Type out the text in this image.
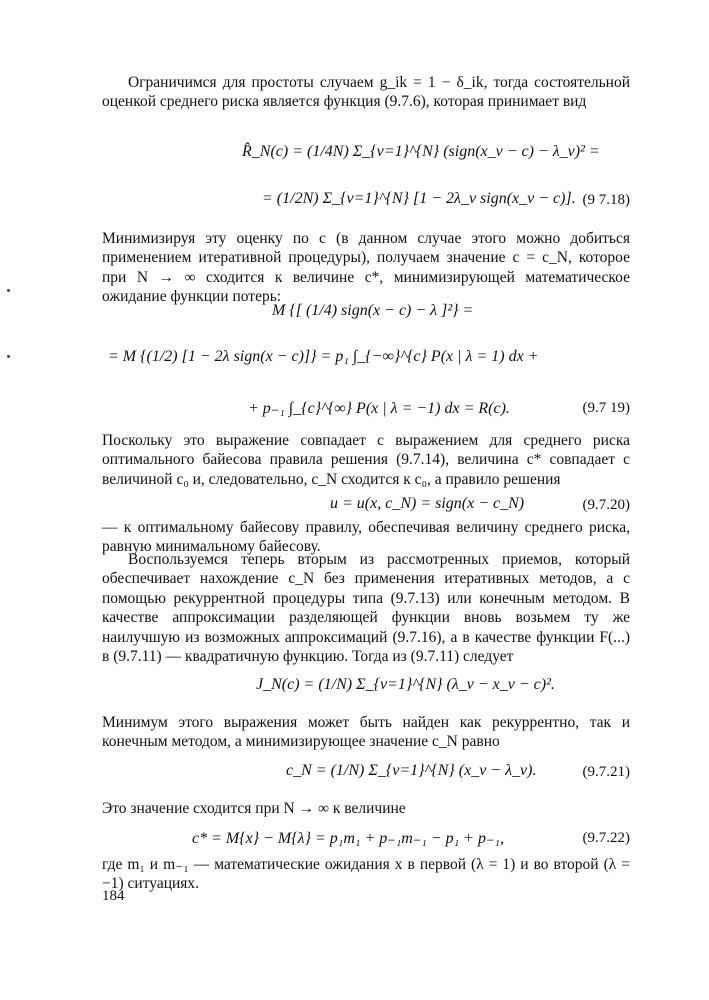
Ограничимся для простоты случаем g_ik = 1 − δ_ik, тогда состоятельной оценкой среднего риска является функция (9.7.6), которая принимает вид

R̂_N(c) = (1/4N) Σ_{ν=1}^{N} (sign(x_ν − c) − λ_ν)² =
= (1/2N) Σ_{ν=1}^{N} [1 − 2λ_ν sign(x_ν − c)]. (9 7.18)

Минимизируя эту оценку по c (в данном случае этого можно добиться применением итеративной процедуры), получаем значение c = c_N, которое при N → ∞ сходится к величине c*, минимизирующей математическое ожидание функции потерь:

M {[ (1/4) sign(x − c) − λ ]²} =
= M {(1/2) [1 − 2λ sign(x − c)]} = p₁ ∫_{−∞}^{c} P(x | λ = 1) dx +
+ p₋₁ ∫_{c}^{∞} P(x | λ = −1) dx = R(c).	(9.7 19)

Поскольку это выражение совпадает с выражением для среднего риска оптимального байесова правила решения (9.7.14), величина c* совпадает с величиной c₀ и, следовательно, c_N сходится к c₀, а правило решения

u = u(x, c_N) = sign(x − c_N)	(9.7.20)

— к оптимальному байесову правилу, обеспечивая величину среднего риска, равную минимальному байесову.

Воспользуемся теперь вторым из рассмотренных приемов, который обеспечивает нахождение c_N без применения итеративных методов, а с помощью рекуррентной процедуры типа (9.7.13) или конечным методом. В качестве аппроксимации разделяющей функции вновь возьмем ту же наилучшую из возможных аппроксимаций (9.7.16), а в качестве функции F(...) в (9.7.11) — квадратичную функцию. Тогда из (9.7.11) следует

J_N(c) = (1/N) Σ_{ν=1}^{N} (λ_ν − x_ν − c)².

Минимум этого выражения может быть найден как рекуррентно, так и конечным методом, а минимизирующее значение c_N равно

c_N = (1/N) Σ_{ν=1}^{N} (x_ν − λ_ν).	(9.7.21)

Это значение сходится при N → ∞ к величине

c* = M{x} − M{λ} = p₁m₁ + p₋₁m₋₁ − p₁ + p₋₁,	(9.7.22)

где m₁ и m₋₁ — математические ожидания x в первой (λ = 1) и во второй (λ = −1) ситуациях.

184
